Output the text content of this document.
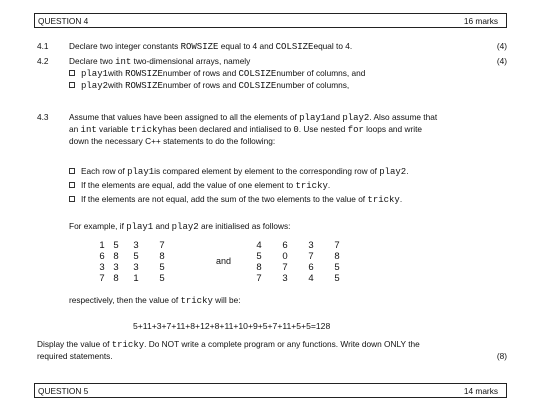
QUESTION 4	16 marks
4.1 Declare two integer constants ROWSIZE equal to 4 and COLSIZEequal to 4.	(4)
4.2 Declare two int two-dimensional arrays, namely	(4)
play1with ROWSIZEnumber of rows and COLSIZEnumber of columns, and
play2with ROWSIZEnumber of rows and COLSIZEnumber of columns,
4.3 Assume that values have been assigned to all the elements of play1and play2. Also assume that
an int variable trickyhas been declared and intialised to 0. Use nested for loops and write
down the necessary C++ statements to do the following:
Each row of play1is compared element by element to the corresponding row of play2.
If the elements are equal, add the value of one element to tricky.
If the elements are not equal, add the sum of the two elements to the value of tricky.
For example, if play1 and play2 are initialised as follows:
1 5	3	7
6 8	5	8
3 3	3	5
7 8	1	5
and
4	6	3	7
5	0	7	8
8	7	6	5
7	3	4	5
respectively, then the value of tricky will be:
5+11+3+7+11+8+12+8+11+10+9+5+7+11+5+5=128
Display the value of tricky. Do NOT write a complete program or any functions. Write down ONLY the
required statements.	(8)
QUESTION 5	14 marks
